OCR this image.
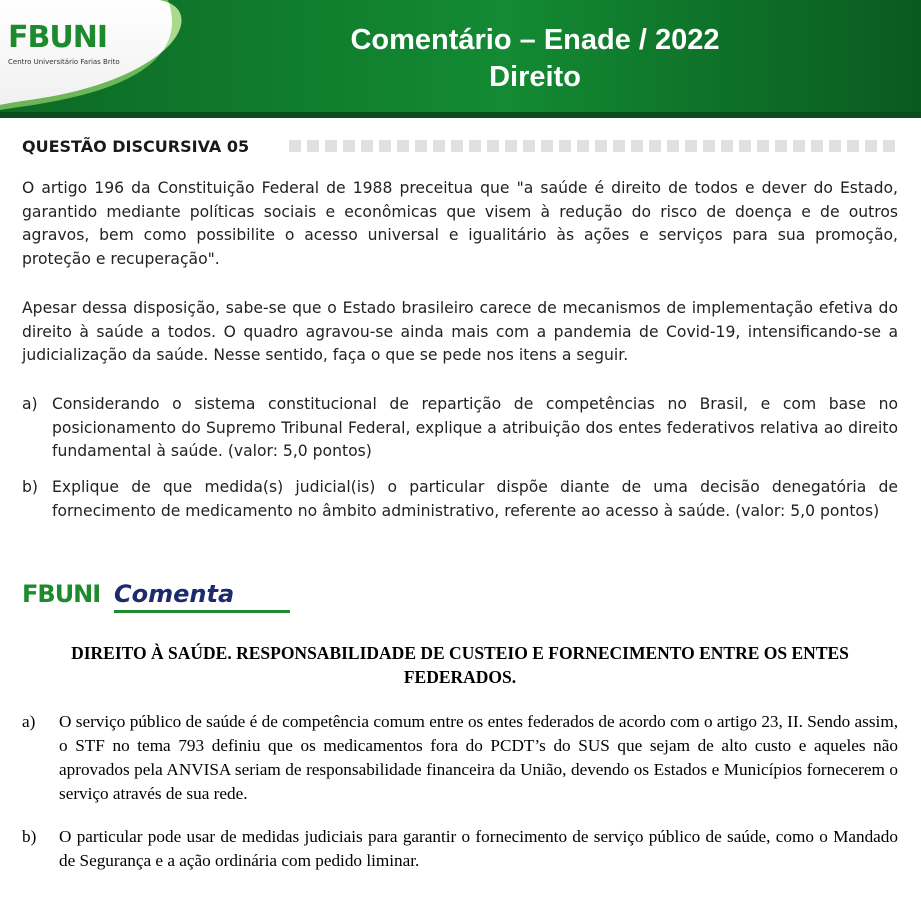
FBUNI
Centro Universitário Farias Brito
Comentário – Enade / 2022
Direito
QUESTÃO DISCURSIVA 05
O artigo 196 da Constituição Federal de 1988 preceitua que "a saúde é direito de todos e dever do Estado, garantido mediante políticas sociais e econômicas que visem à redução do risco de doença e de outros agravos, bem como possibilite o acesso universal e igualitário às ações e serviços para sua promoção, proteção e recuperação".
Apesar dessa disposição, sabe-se que o Estado brasileiro carece de mecanismos de implementação efetiva do direito à saúde a todos. O quadro agravou-se ainda mais com a pandemia de Covid-19, intensificando-se a judicialização da saúde. Nesse sentido, faça o que se pede nos itens a seguir.
a) Considerando o sistema constitucional de repartição de competências no Brasil, e com base no posicionamento do Supremo Tribunal Federal, explique a atribuição dos entes federativos relativa ao direito fundamental à saúde. (valor: 5,0 pontos)
b) Explique de que medida(s) judicial(is) o particular dispõe diante de uma decisão denegatória de fornecimento de medicamento no âmbito administrativo, referente ao acesso à saúde. (valor: 5,0 pontos)
FBUNI Comenta
DIREITO À SAÚDE. RESPONSABILIDADE DE CUSTEIO E FORNECIMENTO ENTRE OS ENTES FEDERADOS.
a)	O serviço público de saúde é de competência comum entre os entes federados de acordo com o artigo 23, II. Sendo assim, o STF no tema 793 definiu que os medicamentos fora do PCDT’s do SUS que sejam de alto custo e aqueles não aprovados pela ANVISA seriam de responsabilidade financeira da União, devendo os Estados e Municípios fornecerem o serviço através de sua rede.
b)	O particular pode usar de medidas judiciais para garantir o fornecimento de serviço público de saúde, como o Mandado de Segurança e a ação ordinária com pedido liminar.
